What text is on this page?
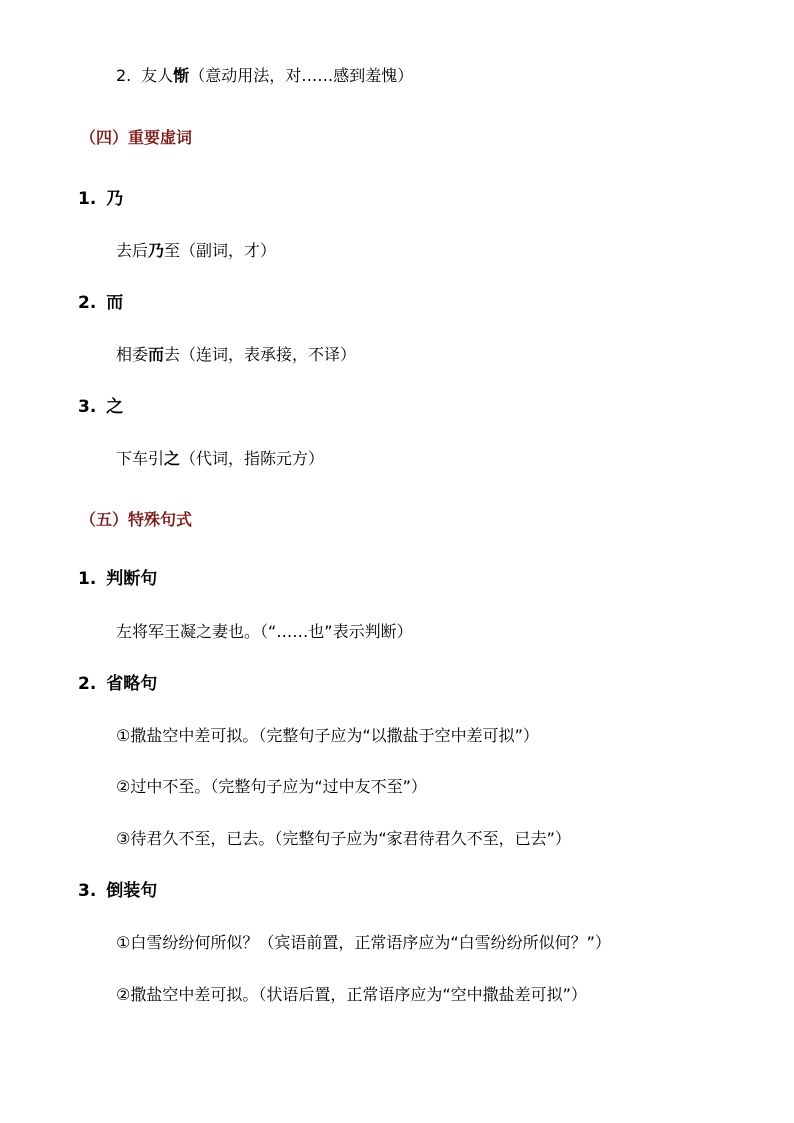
2. 友人惭（意动用法，对……感到羞愧）
（四）重要虚词
1. 乃
去后乃至（副词，才）
2. 而
相委而去（连词，表承接，不译）
3. 之
下车引之（代词，指陈元方）
（五）特殊句式
1. 判断句
左将军王凝之妻也。（“……也”表示判断）
2. 省略句
①撒盐空中差可拟。（完整句子应为“以撒盐于空中差可拟”）
②过中不至。（完整句子应为“过中友不至”）
③待君久不至，已去。（完整句子应为“家君待君久不至，已去”）
3. 倒装句
①白雪纷纷何所似？（宾语前置，正常语序应为“白雪纷纷所似何？”）
②撒盐空中差可拟。（状语后置，正常语序应为“空中撒盐差可拟”）
